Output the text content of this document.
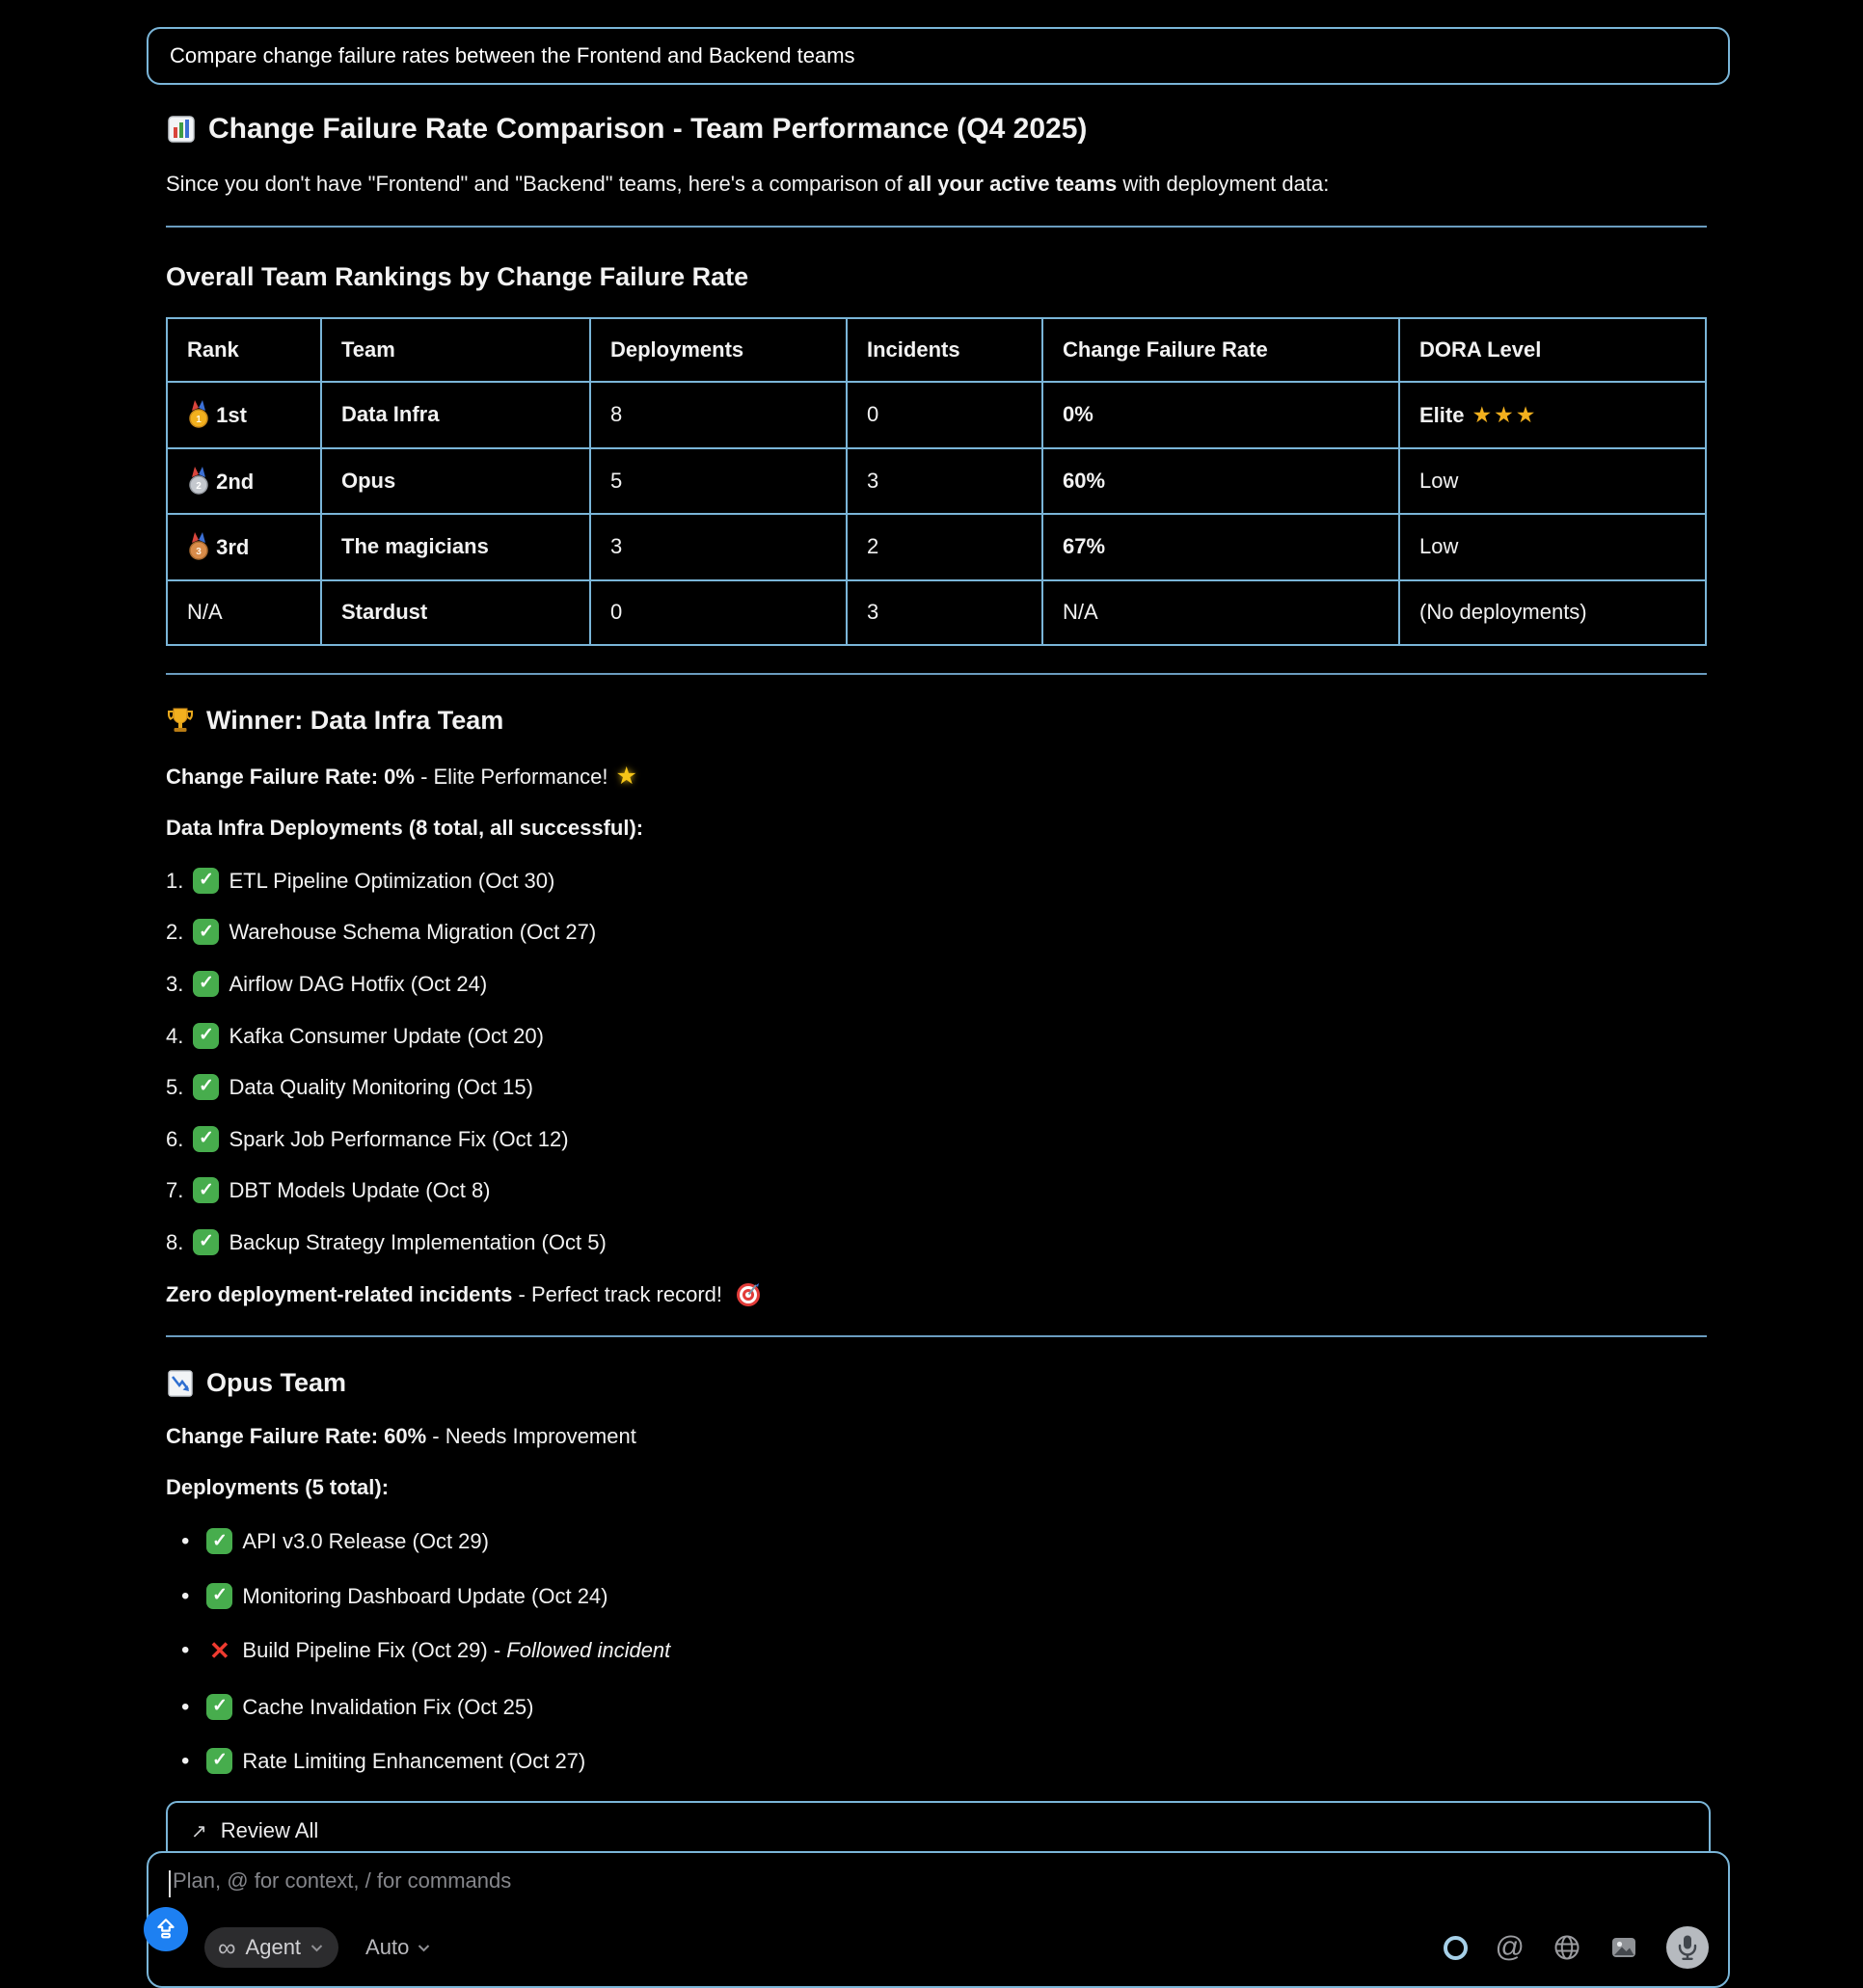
Compare change failure rates between the Frontend and Backend teams
Change Failure Rate Comparison - Team Performance (Q4 2025)

Since you don't have "Frontend" and "Backend" teams, here's a comparison of all your active teams with deployment data:

Overall Team Rankings by Change Failure Rate
Rank	Team	Deployments	Incidents	Change Failure Rate	DORA Level

1 1st	Data Infra	8	0	0%	Elite ★★★

2 2nd	Opus	5	3	60%	Low

3 3rd	The magicians	3	2	67%	Low
N/A	Stardust	0	3	N/A	(No deployments)
Winner: Data Infra Team

Change Failure Rate: 0% - Elite Performance! ★

Data Infra Deployments (8 total, all successful):

✓ETL Pipeline Optimization (Oct 30)
✓Warehouse Schema Migration (Oct 27)
✓Airflow DAG Hotfix (Oct 24)
✓Kafka Consumer Update (Oct 20)
✓Data Quality Monitoring (Oct 15)
✓Spark Job Performance Fix (Oct 12)
✓DBT Models Update (Oct 8)
✓Backup Strategy Implementation (Oct 5)

Zero deployment-related incidents - Perfect track record!

Opus Team

Change Failure Rate: 60% - Needs Improvement

Deployments (5 total):

✓• API v3.0 Release (Oct 29)
✓• Monitoring Dashboard Update (Oct 24)
✕• Build Pipeline Fix (Oct 29) - Followed incident
✓• Cache Invalidation Fix (Oct 25)
✓• Rate Limiting Enhancement (Oct 27)
↗
Review All
Plan, @ for context, / for commands
∞
Agent	Auto
@
